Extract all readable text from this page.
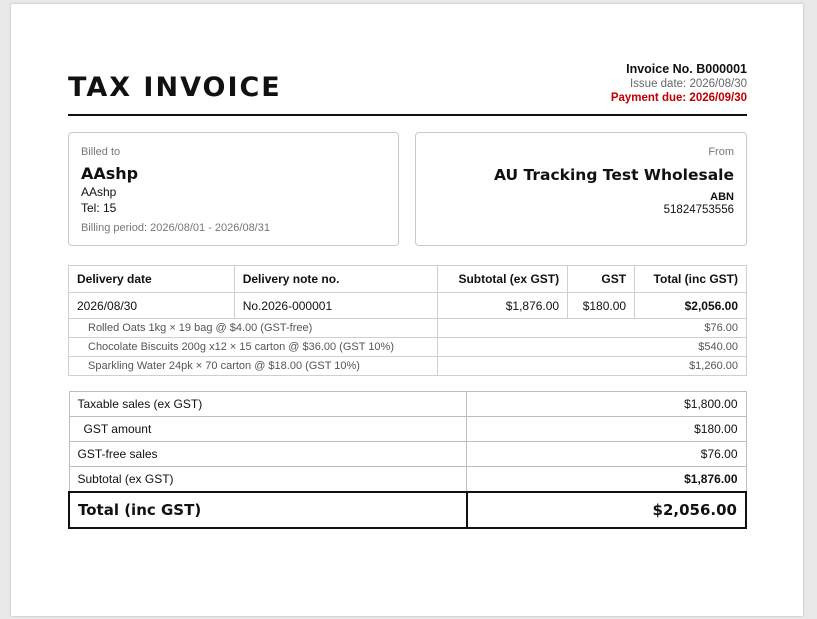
TAX INVOICE
Invoice No. B000001
Issue date: 2026/08/30
Payment due: 2026/09/30
Billed to
AAshp
AAshp
Tel: 15
Billing period: 2026/08/01 - 2026/08/31
From
AU Tracking Test Wholesale
ABN
51824753556
Delivery date	Delivery note no.	Subtotal (ex GST)	GST	Total (inc GST)
2026/08/30	No.2026-000001	$1,876.00	$180.00	$2,056.00
Rolled Oats 1kg × 19 bag @ $4.00 (GST-free)		$76.00		
Chocolate Biscuits 200g x12 × 15 carton @ $36.00 (GST 10%)		$540.00		
Sparkling Water 24pk × 70 carton @ $18.00 (GST 10%)		$1,260.00		
Taxable sales (ex GST)	$1,800.00
GST amount	$180.00
GST-free sales	$76.00
Subtotal (ex GST)	$1,876.00
Total (inc GST)	$2,056.00
